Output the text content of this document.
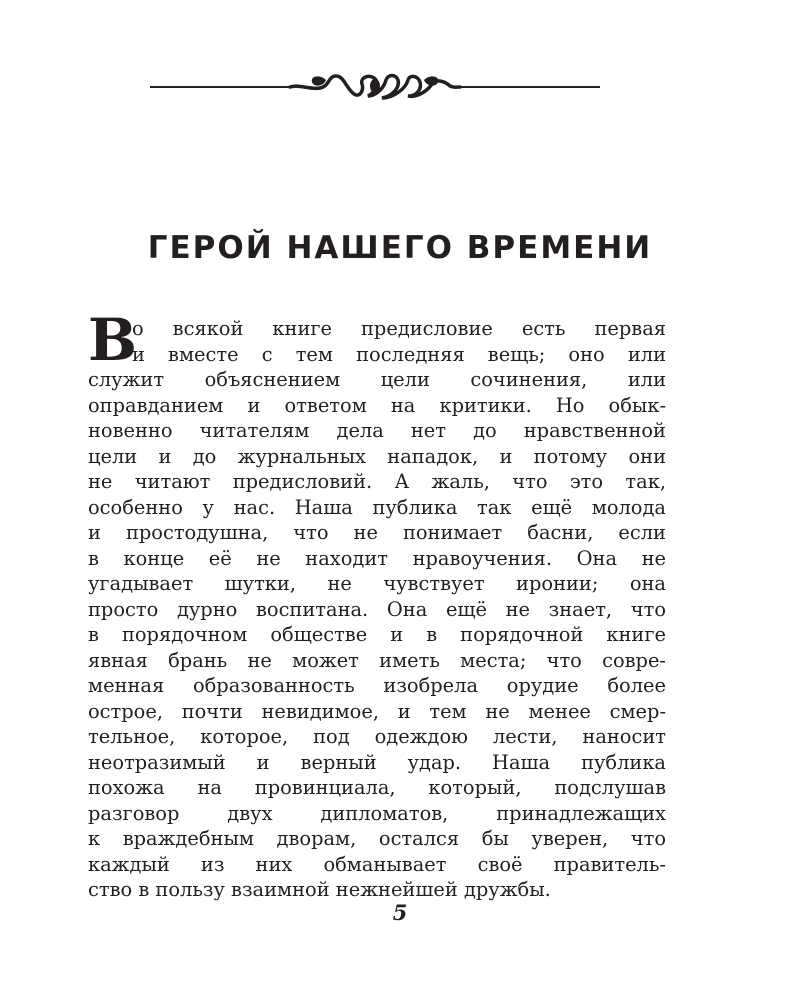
ГЕРОЙ НАШЕГО ВРЕМЕНИ
В
о всякой книге предисловие есть первая
и вместе с тем последняя вещь; оно или
служит объяснением цели сочинения, или
оправданием и ответом на критики. Но обык-
новенно читателям дела нет до нравственной
цели и до журнальных нападок, и потому они
не читают предисловий. А жаль, что это так,
особенно у нас. Наша публика так ещё молода
и простодушна, что не понимает басни, если
в конце её не находит нравоучения. Она не
угадывает шутки, не чувствует иронии; она
просто дурно воспитана. Она ещё не знает, что
в порядочном обществе и в порядочной книге
явная брань не может иметь места; что совре-
менная образованность изобрела орудие более
острое, почти невидимое, и тем не менее смер-
тельное, которое, под одеждою лести, наносит
неотразимый и верный удар. Наша публика
похожа на провинциала, который, подслушав
разговор двух дипломатов, принадлежащих
к враждебным дворам, остался бы уверен, что
каждый из них обманывает своё правитель-
ство в пользу взаимной нежнейшей дружбы.
5
